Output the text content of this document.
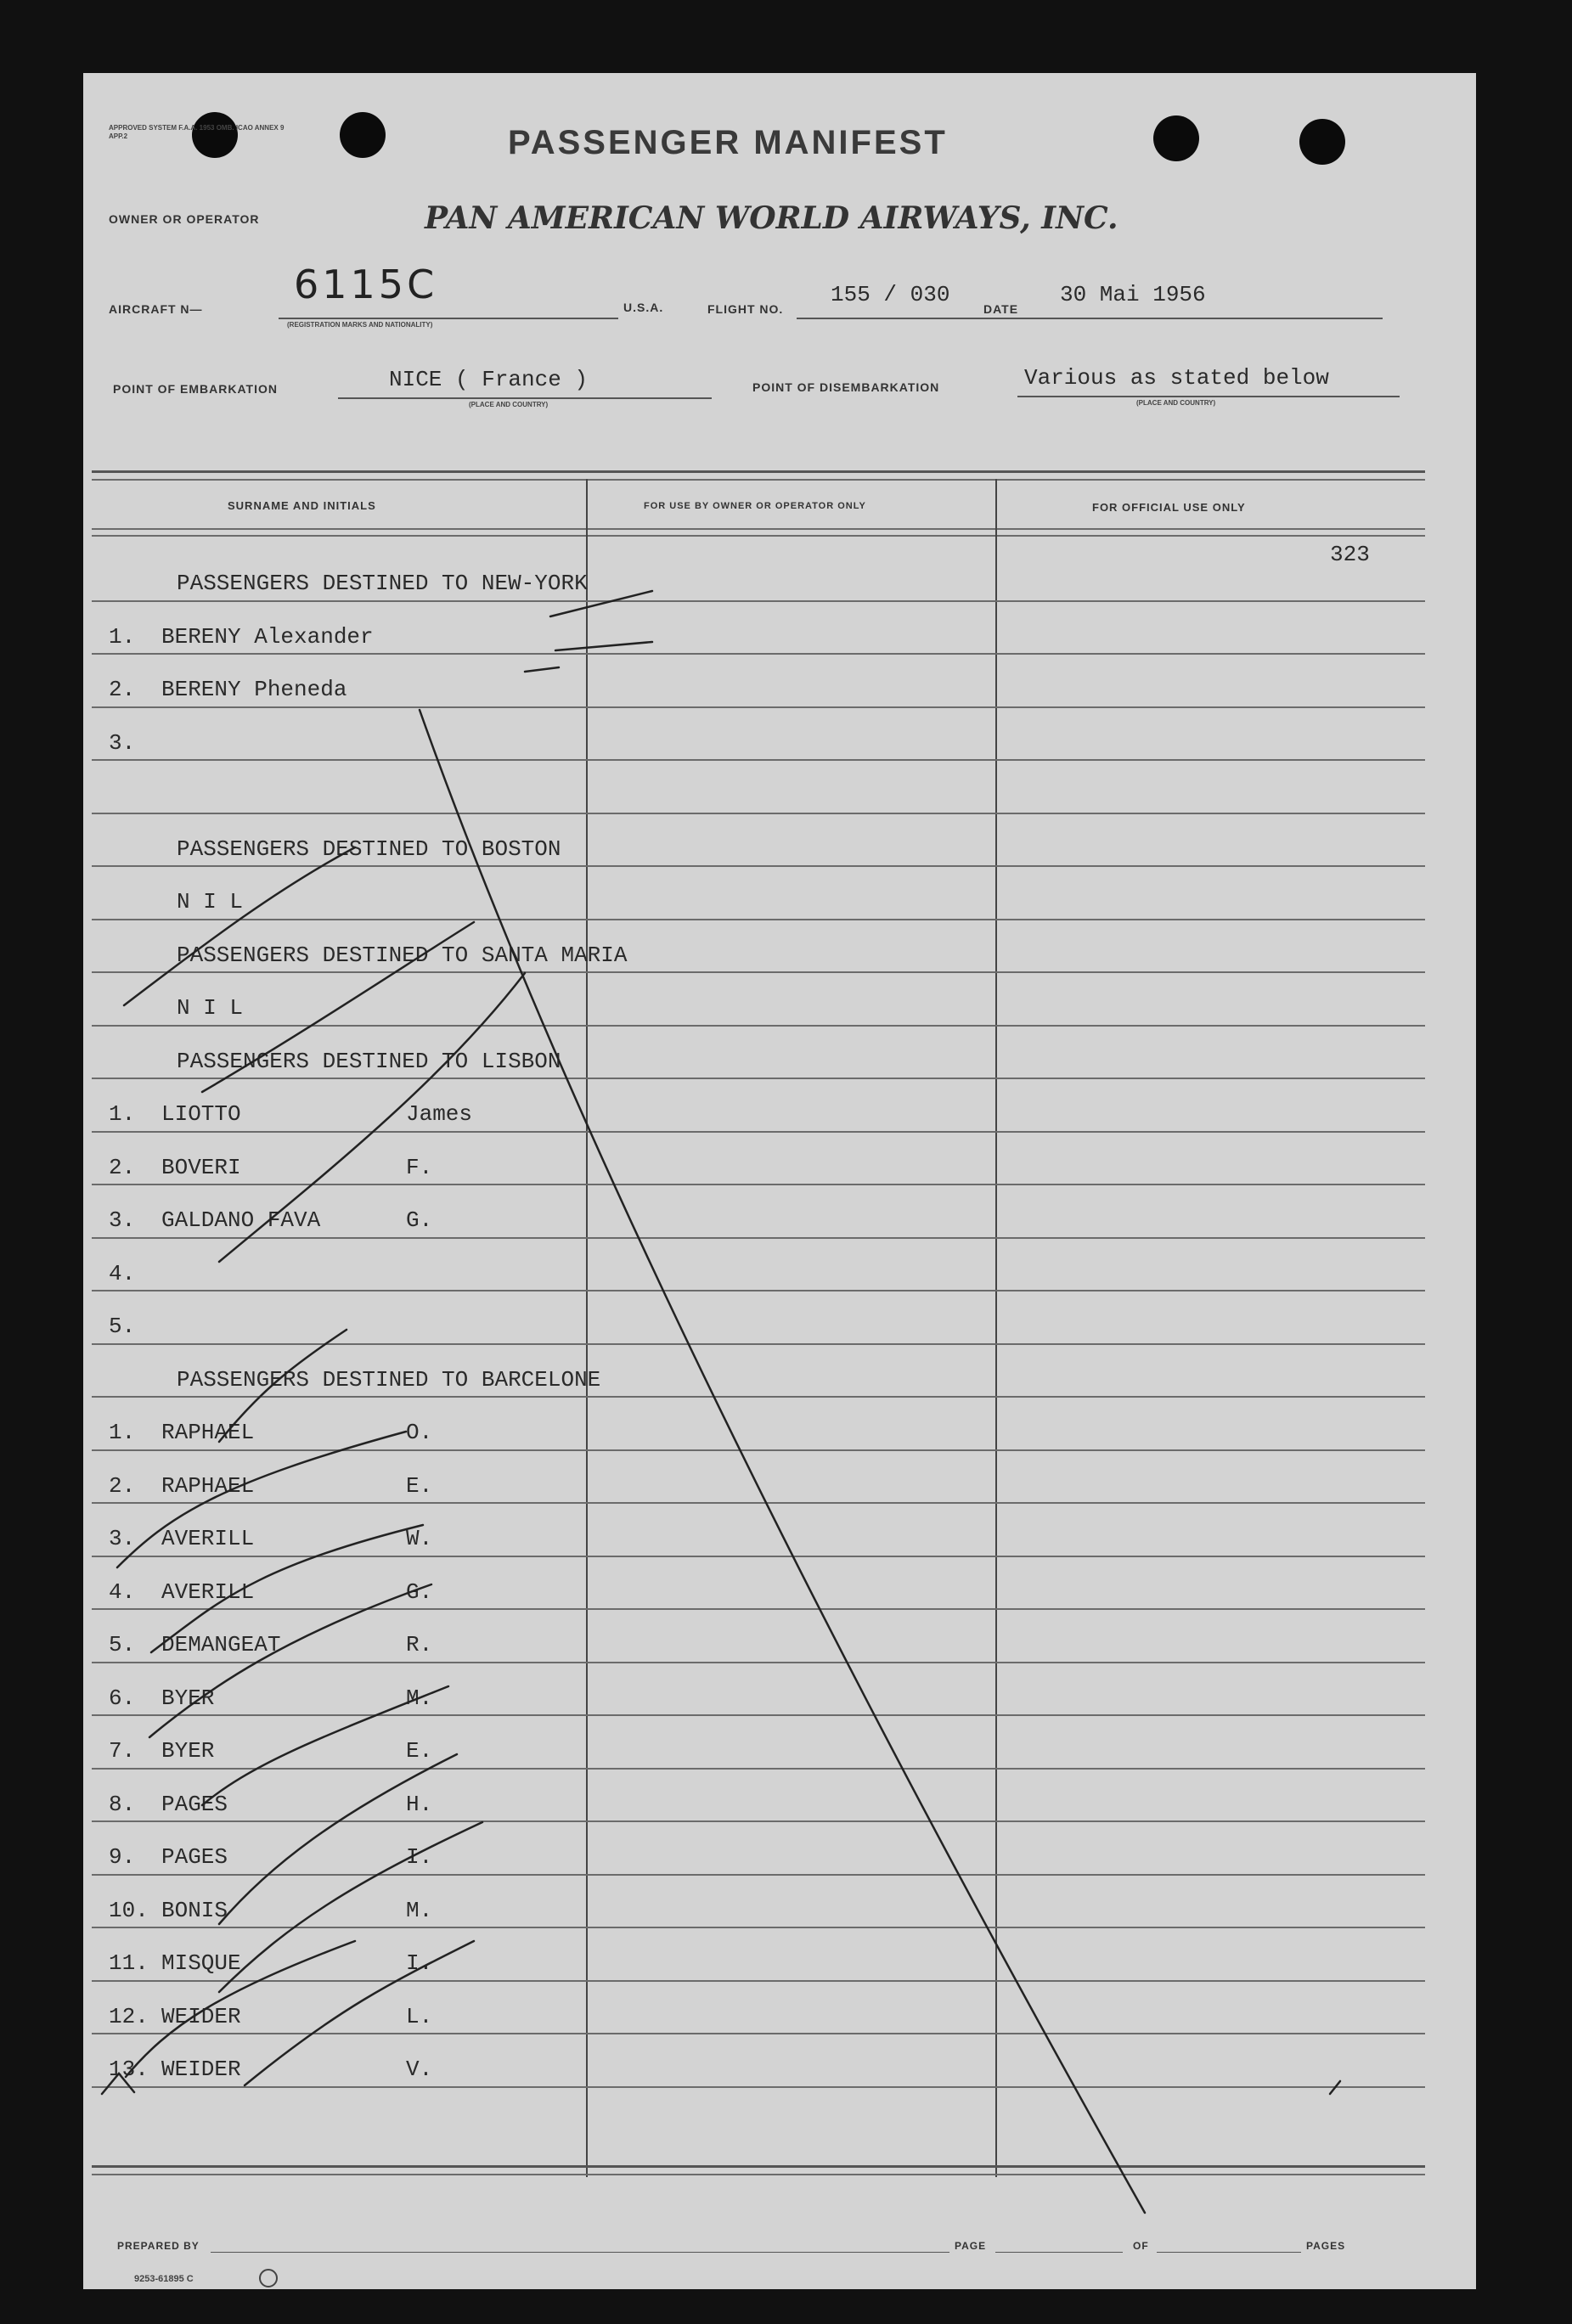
APPROVED SYSTEM F.A.A. 1953 OMB. ICAO ANNEX 9 APP.2	PASSENGER MANIFEST
OWNER OR OPERATOR	PAN AMERICAN WORLD AIRWAYS, INC.
AIRCRAFT N—
6115C
(REGISTRATION MARKS AND NATIONALITY)
U.S.A.	FLIGHT NO.
155 / 030
DATE
30 Mai 1956
POINT OF EMBARKATION	NICE ( France )
(PLACE AND COUNTRY)
POINT OF DISEMBARKATION	Various as stated below
(PLACE AND COUNTRY)
SURNAME AND INITIALS	FOR USE BY OWNER OR OPERATOR ONLY	FOR OFFICIAL USE ONLY
323
PASSENGERS DESTINED TO NEW-YORK
1. BERENY Alexander
2. BERENY Pheneda
3.
PASSENGERS DESTINED TO BOSTON
N I L
PASSENGERS DESTINED TO SANTA MARIA
N I L
PASSENGERS DESTINED TO LISBON
1. LIOTTO	James
2. BOVERI	F.
3. GALDANO FAVA	G.
4.
5.
PASSENGERS DESTINED TO BARCELONE
1. RAPHAEL	O.
2. RAPHAEL	E.
3. AVERILL	W.
4. AVERILL	G.
5. DEMANGEAT	R.
6. BYER	M.
7. BYER	E.
8. PAGES	H.
9. PAGES	I.
10. BONIS	M.
11. MISQUE	I.
12. WEIDER	L.
13. WEIDER	V.
PREPARED BY	PAGE	OF	PAGES
9253-61895 C
